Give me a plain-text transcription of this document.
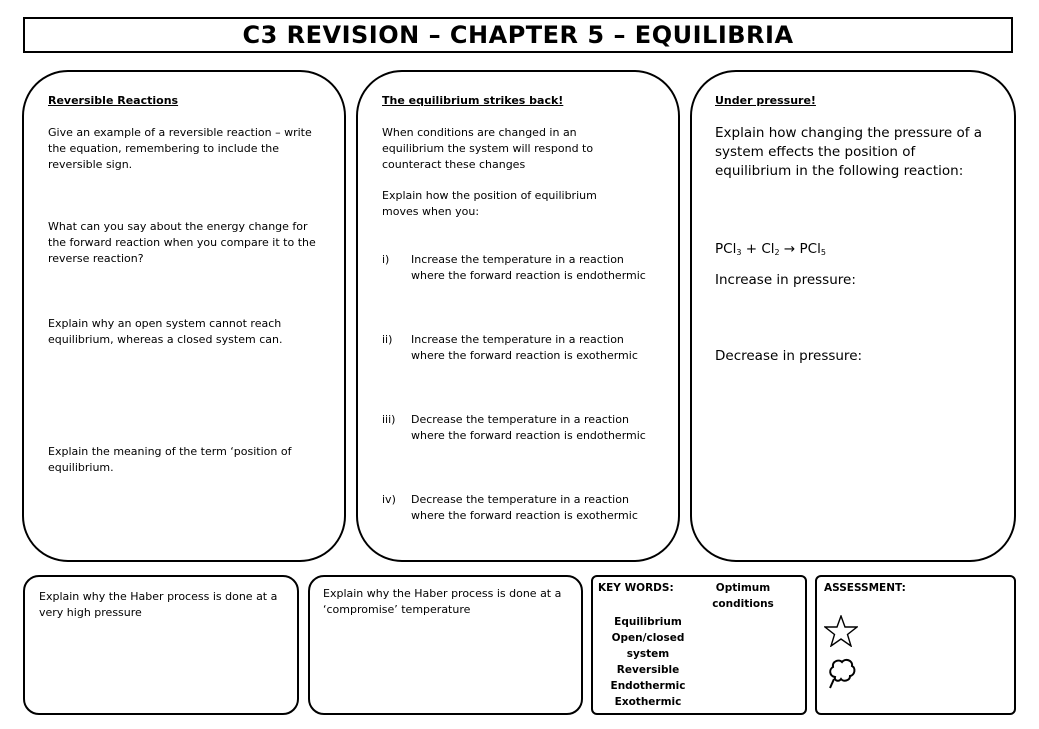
C3 REVISION – CHAPTER 5 – EQUILIBRIA
Reversible Reactions
Give an example of a reversible reaction – write the equation, remembering to include the reversible sign.
What can you say about the energy change for the forward reaction when you compare it to the reverse reaction?
Explain why an open system cannot reach equilibrium, whereas a closed system can.
Explain the meaning of the term ‘position of equilibrium.
The equilibrium strikes back!
When conditions are changed in an equilibrium the system will respond to counteract these changes
Explain how the position of equilibrium moves when you:
i) Increase the temperature in a reaction where the forward reaction is endothermic
ii) Increase the temperature in a reaction where the forward reaction is exothermic
iii) Decrease the temperature in a reaction where the forward reaction is endothermic
iv) Decrease the temperature in a reaction where the forward reaction is exothermic
Under pressure!
Explain how changing the pressure of a system effects the position of equilibrium in the following reaction:
$PCl_3 + Cl_2 \to PCl_5$
Increase in pressure:
Decrease in pressure:
Explain why the Haber process is done at a very high pressure
Explain why the Haber process is done at a ‘compromise’ temperature
KEY WORDS:	Optimum conditions
Equilibrium
Open/closed system
Reversible
Endothermic
Exothermic
ASSESSMENT:
